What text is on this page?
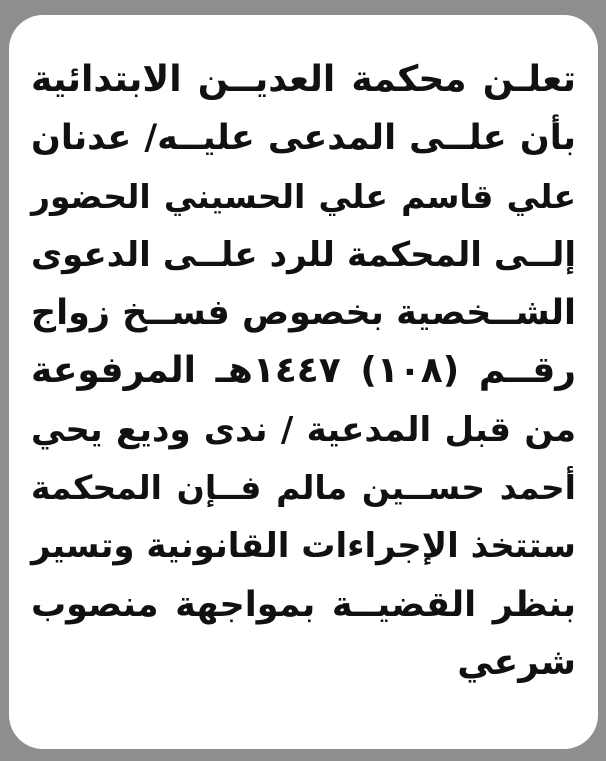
تعلـن محكمة العديــن الابتدائية
بأن علــى المدعى عليــه/ عدنان
علي قاسم علي الحسيني الحضور
إلــى المحكمة للرد علــى الدعوى
الشــخصية بخصوص فســخ زواج
رقــم (١٠٨) ١٤٤٧هـ المرفوعة
من قبل المدعية / ندى وديع يحي
أحمد حســين مالم فــإن المحكمة
ستتخذ الإجراءات القانونية وتسير
بنظر القضيــة بمواجهة منصوب
شرعي
